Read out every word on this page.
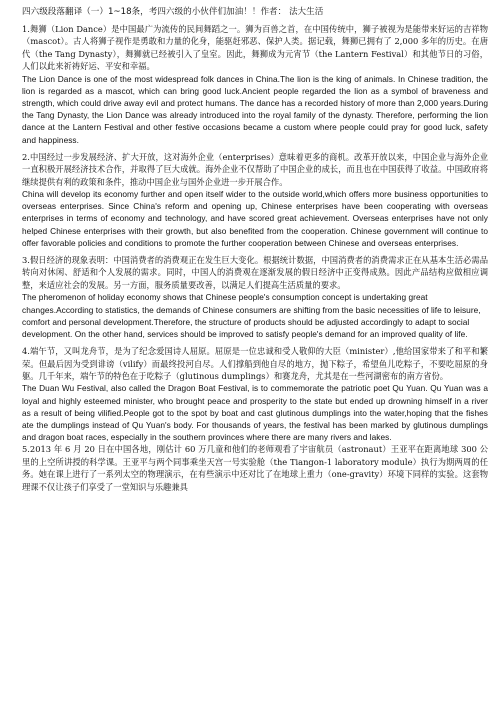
四六级段落翻译（一）1~18条，考四六级的小伙伴们加油！！作者： 法大生活

1.舞狮（Lion Dance）是中国最广为流传的民间舞蹈之一。狮为百兽之首，在中国传统中，狮子被视为是能带来好运的吉祥物（mascot）。古人将狮子视作是勇敢和力量的化身，能驱赶邪恶、保护人类。据记载，舞狮已拥有了 2,000 多年的历史。在唐代（the Tang Dynasty），舞狮就已经被引入了皇室。因此，舞狮成为元宵节（the Lantern Festival）和其他节日的习俗，人们以此来祈祷好运、平安和幸福。

The Lion Dance is one of the most widespread folk dances in China.The lion is the king of animals. In Chinese tradition, the lion is regarded as a mascot, which can bring good luck.Ancient people regarded the lion as a symbol of braveness and strength, which could drive away evil and protect humans. The dance has a recorded history of more than 2,000 years.During the Tang Dynasty, the Lion Dance was already introduced into the royal family of the dynasty. Therefore, performing the lion dance at the Lantern Festival and other festive occasions became a custom where people could pray for good luck, safety and happiness.

2.中国经过一步发展经济、扩大开放，这对海外企业（enterprises）意味着更多的商机。改革开放以来，中国企业与海外企业一直积极开展经济技术合作，并取得了巨大成就。海外企业不仅帮助了中国企业的成长，而且也在中国获得了收益。中国政府将继续提供有利的政策和条件，推动中国企业与国外企业进一步开展合作。

China will develop its economy further and open itself wider to the outside world,which offers more business opportunities to overseas enterprises. Since China's reform and opening up, Chinese enterprises have been cooperating with overseas enterprises in terms of economy and technology, and have scored great achievement. Overseas enterprises have not only helped Chinese enterprises with their growth, but also benefited from the cooperation. Chinese government will continue to offer favorable policies and conditions to promote the further cooperation between Chinese and overseas enterprises.

3.假日经济的现象表明：中国消费者的消费观正在发生巨大变化。根据统计数据，中国消费者的消费需求正在从基本生活必需品转向对休闲、舒适和个人发展的需求。同时，中国人的消费观在逐渐发展的假日经济中正变得成熟。因此产品结构应做相应调整，来适应社会的发展。另一方面，服务质量要改善，以满足人们提高生活质量的要求。

The pheromenon of holiday economy shows that Chinese people's consumption concept is undertaking great changes.According to statistics, the demands of Chinese consumers are shifting from the basic necessities of life to leisure, comfort and personal development.Therefore, the structure of products should be adjusted accordingly to adapt to social development. On the other hand, services should be improved to satisfy people's demand for an improved quality of life.

4.端午节，又叫龙舟节，是为了纪念爱国诗人屈原。屈原是一位忠诚和受人敬仰的大臣（minister）,他给国家带来了和平和繁荣。但最后因为受到诽谤（vilify）而最终投河自尽。人们撑船到他自尽的地方，抛下粽子，希望鱼儿吃粽子，不要吃屈原的身躯。几千年来，端午节的特色在于吃粽子（glutinous dumplings）和赛龙舟，尤其是在一些河湖密布的南方省份。

The Duan Wu Festival, also called the Dragon Boat Festival, is to commemorate the patriotic poet Qu Yuan. Qu Yuan was a loyal and highly esteemed minister, who brought peace and prosperity to the state but ended up drowning himself in a river as a result of being vilified.People got to the spot by boat and cast glutinous dumplings into the water,hoping that the fishes ate the dumplings instead of Qu Yuan's body. For thousands of years, the festival has been marked by glutinous dumplings and dragon boat races, especially in the southern provinces where there are many rivers and lakes.

5.2013 年 6 月 20 日在中国各地，刚估计 60 万几童和他们的老师观看了宇宙航员（astronaut）王亚平在距离地球 300 公里的上空所讲授的科学课。王亚平与两个同事乘坐天宫一号实验舱（the Tiangon-1 laboratory module）执行为期两周的任务。她在课上进行了一系列太空的物理演示，在有些演示中还对比了在地球上重力（one-gravity）环境下同样的实验。这套物理课不仅让孩子们享受了一堂知识与乐趣兼具
